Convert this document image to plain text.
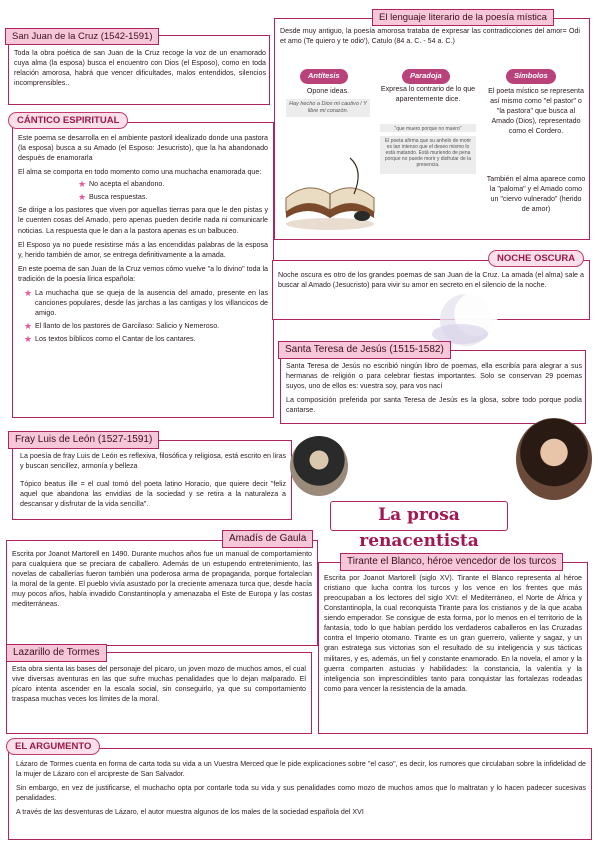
San Juan de la Cruz (1542-1591)
Toda la obra poética de san Juan de la Cruz recoge la voz de un enamorado cuya alma (la esposa) busca el encuentro con Dios (el Esposo), como en toda relación amorosa, habrá que vencer dificultades, malos entendidos, silencios incomprensibles..
El lenguaje literario de la poesía mística
Desde muy antiguo, la poesía amorosa trataba de expresar las contradicciones del amor= Odi et amo (Te quiero y te odio'), Catulo (84 a. C. - 54 a. C.)
Antítesis
Opone ideas.
Hay hecho a Dios mi cautivo / Y libre mi corazón.
Paradoja
Expresa lo contrario de lo que aparentemente dice.
"que muero porque no muero"
El poeta afirma que su anhelo de morir es tan intenso que el deseo mismo lo está matando. Está muriendo de pena porque no puede morir y disfrutar de la presencia.
Símbolos
El poeta místico se representa así mismo como "el pastor" o "la pastora" que busca al Amado (Dios), representado como el Cordero.
También el alma aparece como la "paloma" y el Amado como un "ciervo vulnerado" (herido de amor)
CÁNTICO ESPIRITUAL

Este poema se desarrolla en el ambiente pastoril idealizado donde una pastora (la esposa) busca a su Amado (el Esposo: Jesucristo), que la ha abandonado después de enamorarla

El alma se comporta en todo momento como una muchacha enamorada que:

★ No acepta el abandono.
★ Busca respuestas.

Se dirige a los pastores que viven por aquellas tierras para que le den pistas y le cuenten cosas del Amado, pero apenas pueden decirle nada ni comunicarle noticias. La respuesta que le dan a la pastora apenas es un balbuceo.

El Esposo ya no puede resistirse más a las encendidas palabras de la esposa y, herido también de amor, se entrega definitivamente a la amada.

En este poema de san Juan de la Cruz vemos cómo vuelve "a lo divino" toda la tradición de la poesía lírica española:

★ La muchacha que se queja de la ausencia del amado, presente en las canciones populares, desde las jarchas a las cantigas y los villancicos de amigo.
★ El llanto de los pastores de Garcilaso: Salicio y Nemeroso.
★ Los textos bíblicos como el Cantar de los cantares.
NOCHE OSCURA
Noche oscura es otro de los grandes poemas de san Juan de la Cruz. La amada (el alma) sale a buscar al Amado (Jesucristo) para vivir su amor en secreto en el silencio de la noche.
Santa Teresa de Jesús (1515-1582)

Santa Teresa de Jesús no escribió ningún libro de poemas, ella escribía para alegrar a sus hermanas de religión o para celebrar fiestas importantes. Solo se conservan 29 poemas suyos, uno de ellos es: vuestra soy, para vos nací

La composición preferida por santa Teresa de Jesús es la glosa, sobre todo porque podía cantarse.

Fray Luis de León (1527-1591)

La poesía de fray Luis de León es reflexiva, filosófica y religiosa, está escrito en liras y buscan sencillez, armonía y belleza

Tópico beatus ille = el cual tomó del poeta latino Horacio, que quiere decir "feliz aquel que abandona las envidias de la sociedad y se retira a la naturaleza a descansar y disfrutar de la vida sencilla".

La prosa renacentista
Amadís de Gaula
Escrita por Joanot Martorell en 1490. Durante muchos años fue un manual de comportamiento para cualquiera que se preciara de caballero. Además de un estupendo entretenimiento, las novelas de caballerías fueron también una poderosa arma de propaganda, porque fortalecían la moral de la gente. El pueblo vivía asustado por la creciente amenaza turca que, desde hacía muy pocos años, había invadido Constantinopla y amenazaba el Este de Europa y las costas mediterráneas.
Tirante el Blanco, héroe vencedor de los turcos
Escrita por Joanot Martorell (siglo XV). Tirante el Blanco representa al héroe cristiano que lucha contra los turcos y los vence en los frentes que más preocupaban a los lectores del siglo XVI: el Mediterráneo, el Norte de África y Constantinopla, la cual reconquista Tirante para los cristianos y de la que acaba siendo emperador. Se consigue de esta forma, por lo menos en el territorio de la fantasía, todo lo que habían perdido los verdaderos caballeros en las Cruzadas contra el Imperio otomano. Tirante es un gran guerrero, valiente y sagaz, y un gran estratega sus victorias son el resultado de su inteligencia y sus tácticas militares, y es, además, un fiel y constante enamorado. En la novela, el amor y la guerra comparten astucias y habilidades: la constancia, la valentía y la inteligencia son imprescindibles tanto para conquistar las fortalezas rodeadas como para vencer la resistencia de la amada.
Lazarillo de Tormes
Esta obra sienta las bases del personaje del pícaro, un joven mozo de muchos amos, el cual vive diversas aventuras en las que sufre muchas penalidades que lo dejan malparado. El pícaro intenta ascender en la escala social, sin conseguirlo, ya que su comportamiento traspasa muchas veces los límites de la moral.
EL ARGUMENTO

Lázaro de Tormes cuenta en forma de carta toda su vida a un Vuestra Merced que le pide explicaciones sobre "el caso", es decir, los rumores que circulaban sobre la infidelidad de la mujer de Lázaro con el arcipreste de San Salvador.

Sin embargo, en vez de justificarse, el muchacho opta por contarle toda su vida y sus penalidades como mozo de muchos amos que lo maltratan y lo hacen padecer sucesivas penalidades.

A través de las desventuras de Lázaro, el autor muestra algunos de los males de la sociedad española del XVI
